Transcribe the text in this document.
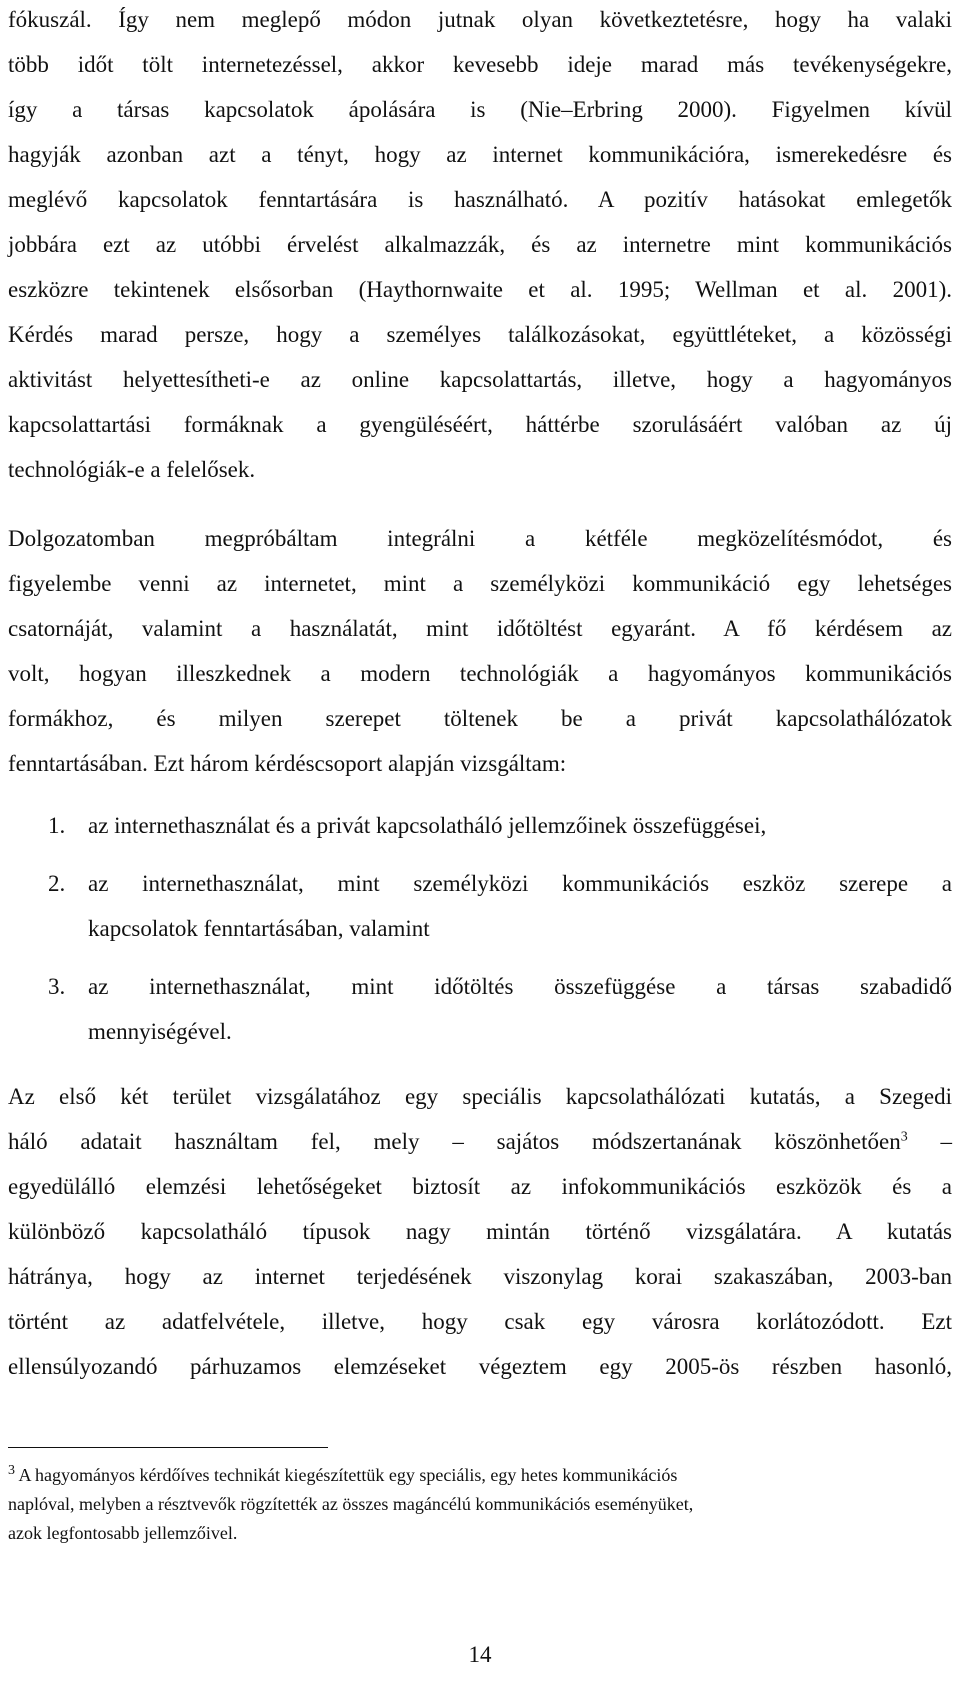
fókuszál. Így nem meglepő módon jutnak olyan következtetésre, hogy ha valaki
több időt tölt internetezéssel, akkor kevesebb ideje marad más tevékenységekre,
így a társas kapcsolatok ápolására is (Nie–Erbring 2000). Figyelmen kívül
hagyják azonban azt a tényt, hogy az internet kommunikációra, ismerekedésre és
meglévő kapcsolatok fenntartására is használható. A pozitív hatásokat emlegetők
jobbára ezt az utóbbi érvelést alkalmazzák, és az internetre mint kommunikációs
eszközre tekintenek elsősorban (Haythornwaite et al. 1995; Wellman et al. 2001).
Kérdés marad persze, hogy a személyes találkozásokat, együttléteket, a közösségi
aktivitást helyettesítheti-e az online kapcsolattartás, illetve, hogy a hagyományos
kapcsolattartási formáknak a gyengüléséért, háttérbe szorulásáért valóban az új
technológiák-e a felelősek.
Dolgozatomban megpróbáltam integrálni a kétféle megközelítésmódot, és
figyelembe venni az internetet, mint a személyközi kommunikáció egy lehetséges
csatornáját, valamint a használatát, mint időtöltést egyaránt. A fő kérdésem az
volt, hogyan illeszkednek a modern technológiák a hagyományos kommunikációs
formákhoz, és milyen szerepet töltenek be a privát kapcsolathálózatok
fenntartásában. Ezt három kérdéscsoport alapján vizsgáltam:
1. az internethasználat és a privát kapcsolatháló jellemzőinek összefüggései,
2. az internethasználat, mint személyközi kommunikációs eszköz szerepe a
kapcsolatok fenntartásában, valamint
3. az internethasználat, mint időtöltés összefüggése a társas szabadidő
mennyiségével.
Az első két terület vizsgálatához egy speciális kapcsolathálózati kutatás, a Szegedi
háló adatait használtam fel, mely – sajátos módszertanának köszönhetően$^3$ –
egyedülálló elemzési lehetőségeket biztosít az infokommunikációs eszközök és a
különböző kapcsolatháló típusok nagy mintán történő vizsgálatára. A kutatás
hátránya, hogy az internet terjedésének viszonylag korai szakaszában, 2003-ban
történt az adatfelvétele, illetve, hogy csak egy városra korlátozódott. Ezt
ellensúlyozandó párhuzamos elemzéseket végeztem egy 2005-ös részben hasonló,
$^3$ A hagyományos kérdőíves technikát kiegészítettük egy speciális, egy hetes kommunikációs
naplóval, melyben a résztvevők rögzítették az összes magáncélú kommunikációs eseményüket,
azok legfontosabb jellemzőivel.
14
